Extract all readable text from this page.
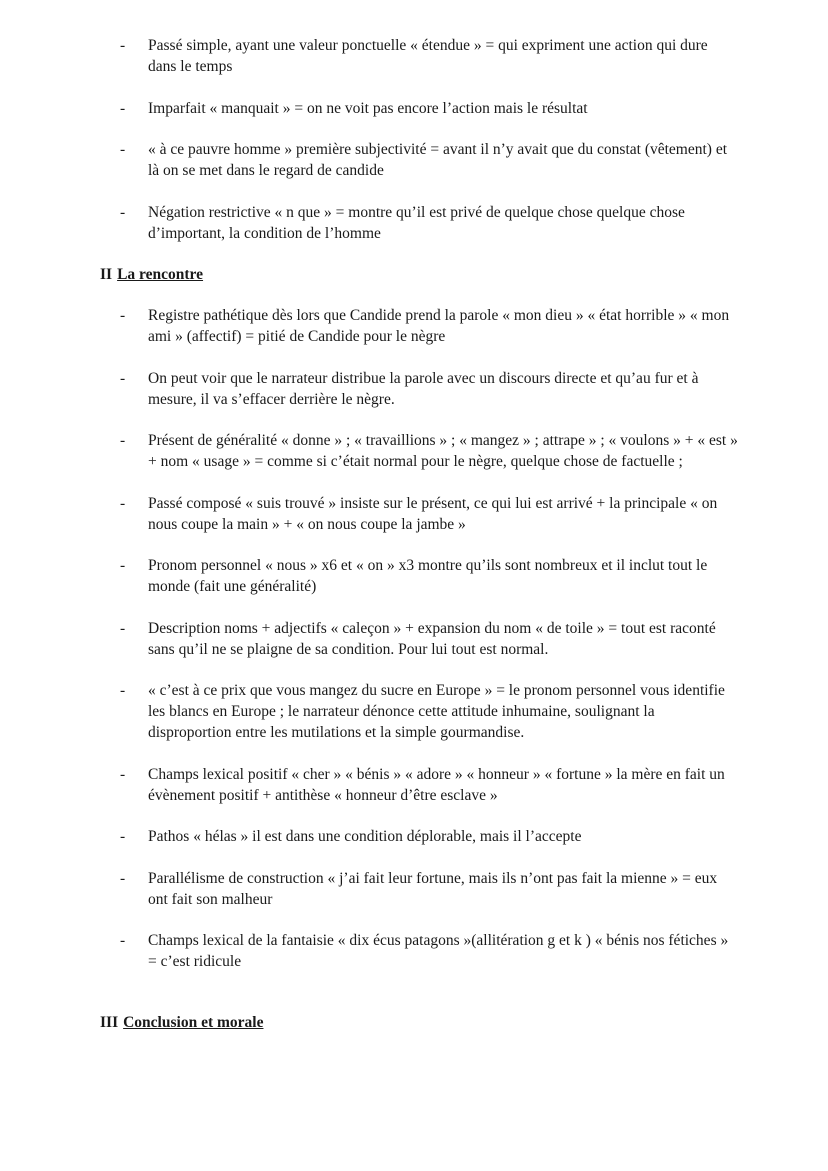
- Passé simple, ayant une valeur ponctuelle « étendue » = qui expriment une action qui dure dans le temps
- Imparfait « manquait » = on ne voit pas encore l’action mais le résultat
- « à ce pauvre homme » première subjectivité = avant il n’y avait que du constat (vêtement) et là on se met dans le regard de candide
- Négation restrictive « n que » = montre qu’il est privé de quelque chose quelque chose d’important, la condition de l’homme
II La rencontre
- Registre pathétique dès lors que Candide prend la parole « mon dieu » « état horrible » « mon ami » (affectif) = pitié de Candide pour le nègre
- On peut voir que le narrateur distribue la parole avec un discours directe et qu’au fur et à mesure, il va s’effacer derrière le nègre.
- Présent de généralité « donne » ; « travaillions » ; « mangez » ; attrape » ; « voulons » + « est » + nom « usage » = comme si c’était normal pour le nègre, quelque chose de factuelle ;
- Passé composé « suis trouvé » insiste sur le présent, ce qui lui est arrivé + la principale « on nous coupe la main » + « on nous coupe la jambe »
- Pronom personnel « nous » x6 et « on » x3 montre qu’ils sont nombreux et il inclut tout le monde (fait une généralité)
- Description noms + adjectifs « caleçon » + expansion du nom « de toile » = tout est raconté sans qu’il ne se plaigne de sa condition. Pour lui tout est normal.
- « c’est à ce prix que vous mangez du sucre en Europe » = le pronom personnel vous identifie les blancs en Europe ; le narrateur dénonce cette attitude inhumaine, soulignant la disproportion entre les mutilations et la simple gourmandise.
- Champs lexical positif « cher » « bénis » « adore » « honneur » « fortune » la mère en fait un évènement positif + antithèse « honneur d’être esclave »
- Pathos « hélas » il est dans une condition déplorable, mais il l’accepte
- Parallélisme de construction « j’ai fait leur fortune, mais ils n’ont pas fait la mienne » = eux ont fait son malheur
- Champs lexical de la fantaisie « dix écus patagons »(allitération g et k ) « bénis nos fétiches » = c’est ridicule
III Conclusion et morale
